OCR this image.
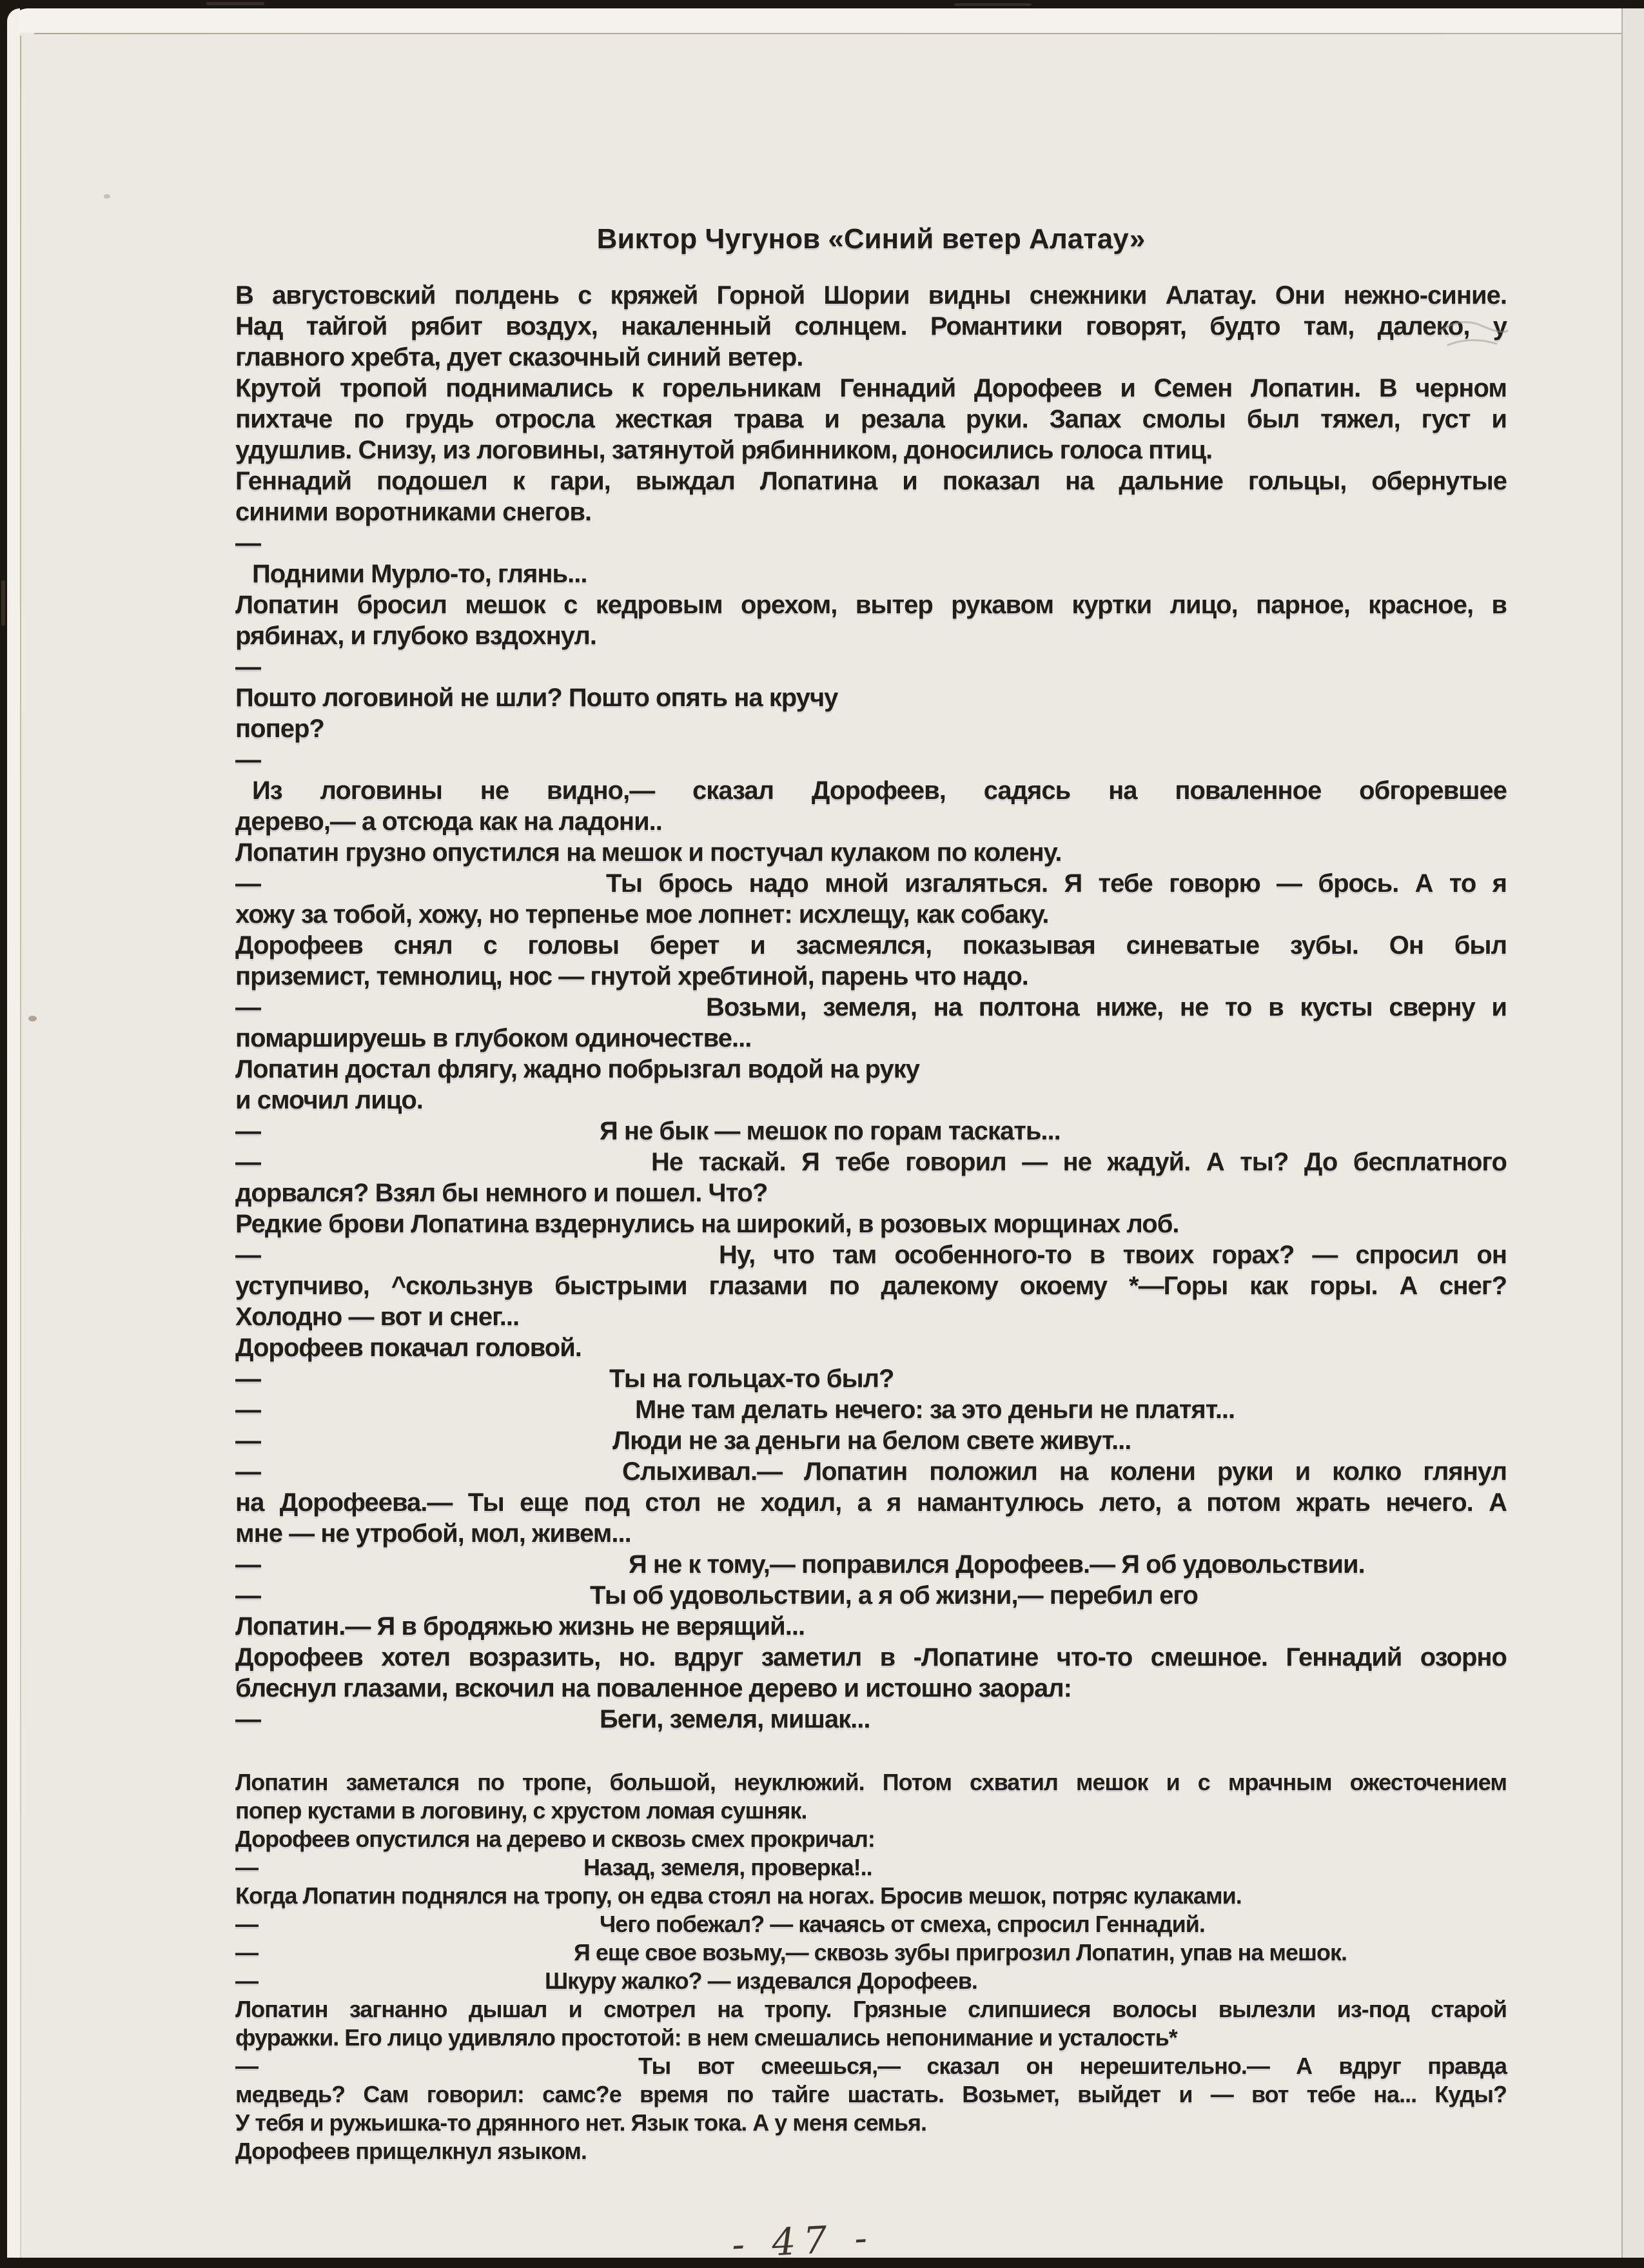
Виктор Чугунов «Синий ветер Алатау»
В августовский полдень с кряжей Горной Шории видны снежники Алатау. Они нежно-синие.
Над тайгой рябит воздух, накаленный солнцем. Романтики говорят, будто там, далеко, у
главного хребта, дует сказочный синий ветер.
Крутой тропой поднимались к горельникам Геннадий Дорофеев и Семен Лопатин. В черном
пихтаче по грудь отросла жесткая трава и резала руки. Запах смолы был тяжел, густ и
удушлив. Снизу, из логовины, затянутой рябинником, доносились голоса птиц.
Геннадий подошел к гари, выждал Лопатина и показал на дальние гольцы, обернутые
синими воротниками снегов.
—
Подними Мурло-то, глянь...
Лопатин бросил мешок с кедровым орехом, вытер рукавом куртки лицо, парное, красное, в
рябинах, и глубоко вздохнул.
—
Пошто логовиной не шли? Пошто опять на кручу
попер?
—
Из логовины не видно,— сказал Дорофеев, садясь на поваленное обгоревшее
дерево,— а отсюда как на ладони..
Лопатин грузно опустился на мешок и постучал кулаком по колену.
—	Ты брось надо мной изгаляться. Я тебе говорю — брось. А то я
хожу за тобой, хожу, но терпенье мое лопнет: исхлещу, как собаку.
Дорофеев снял с головы берет и засмеялся, показывая синеватые зубы. Он был
приземист, темнолиц, нос — гнутой хребтиной, парень что надо.
—	Возьми, земеля, на полтона ниже, не то в кусты сверну и
помаршируешь в глубоком одиночестве...
Лопатин достал флягу, жадно побрызгал водой на руку
и смочил лицо.
—	Я не бык — мешок по горам таскать...
—	Не таскай. Я тебе говорил — не жадуй. А ты? До бесплатного
дорвался? Взял бы немного и пошел. Что?
Редкие брови Лопатина вздернулись на широкий, в розовых морщинах лоб.
—	Ну, что там особенного-то в твоих горах? — спросил он
уступчиво, ^скользнув быстрыми глазами по далекому окоему *—Горы как горы. А снег?
Холодно — вот и снег...
Дорофеев покачал головой.
—	Ты на гольцах-то был?
—	Мне там делать нечего: за это деньги не платят...
—	Люди не за деньги на белом свете живут...
—	Слыхивал.— Лопатин положил на колени руки и колко глянул
на Дорофеева.— Ты еще под стол не ходил, а я намантулюсь лето, а потом жрать нечего. А
мне — не утробой, мол, живем...
—	Я не к тому,— поправился Дорофеев.— Я об удовольствии.
—	Ты об удовольствии, а я об жизни,— перебил его
Лопатин.— Я в бродяжью жизнь не верящий...
Дорофеев хотел возразить, но. вдруг заметил в -Лопатине что-то смешное. Геннадий озорно
блеснул глазами, вскочил на поваленное дерево и истошно заорал:
—	Беги, земеля, мишак...
Лопатин заметался по тропе, большой, неуклюжий. Потом схватил мешок и с мрачным ожесточением
попер кустами в логовину, с хрустом ломая сушняк.
Дорофеев опустился на дерево и сквозь смех прокричал:
—	Назад, земеля, проверка!..
Когда Лопатин поднялся на тропу, он едва стоял на ногах. Бросив мешок, потряс кулаками.
—	Чего побежал? — качаясь от смеха, спросил Геннадий.
—	Я еще свое возьму,— сквозь зубы пригрозил Лопатин, упав на мешок.
—	Шкуру жалко? — издевался Дорофеев.
Лопатин загнанно дышал и смотрел на тропу. Грязные слипшиеся волосы вылезли из-под старой
фуражки. Его лицо удивляло простотой: в нем смешались непонимание и усталость*
—	Ты вот смеешься,— сказал он нерешительно.— А вдруг правда
медведь? Сам говорил: самс?е время по тайге шастать. Возьмет, выйдет и — вот тебе на... Куды?
У тебя и ружьишка-то дрянного нет. Язык тока. А у меня семья.
Дорофеев прищелкнул языком.
- 47 -
